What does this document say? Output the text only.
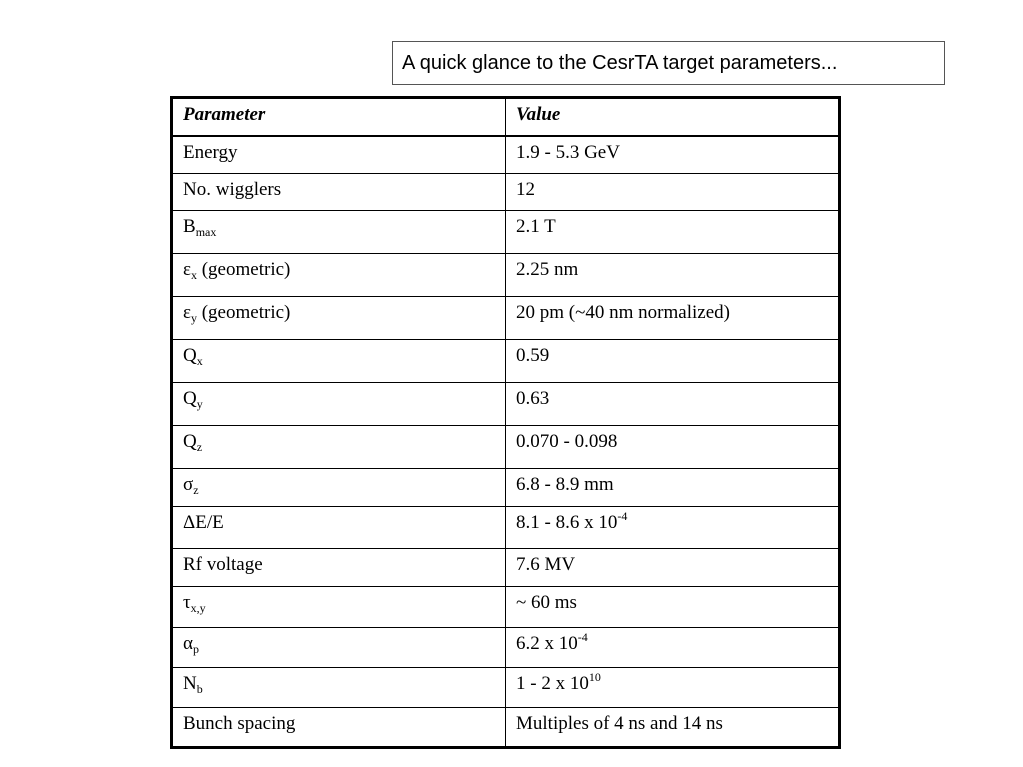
A quick glance to the CesrTA target parameters...
Parameter	Value
Energy	1.9 - 5.3 GeV
No. wigglers	12
$B_{max}$	2.1 T
$\varepsilon_x$ (geometric)	2.25 nm
$\varepsilon_y$ (geometric)	20 pm (~40 nm normalized)
$Q_x$	0.59
$Q_y$	0.63
$Q_z$	0.070 - 0.098
$\sigma_z$	6.8 - 8.9 mm
ΔE/E	8.1 - 8.6 x $10^{-4}$
Rf voltage	7.6 MV
$\tau_{x,y}$	~ 60 ms
$\alpha_p$	6.2 x $10^{-4}$
$N_b$	1 - 2 x $10^{10}$
Bunch spacing	Multiples of 4 ns and 14 ns
